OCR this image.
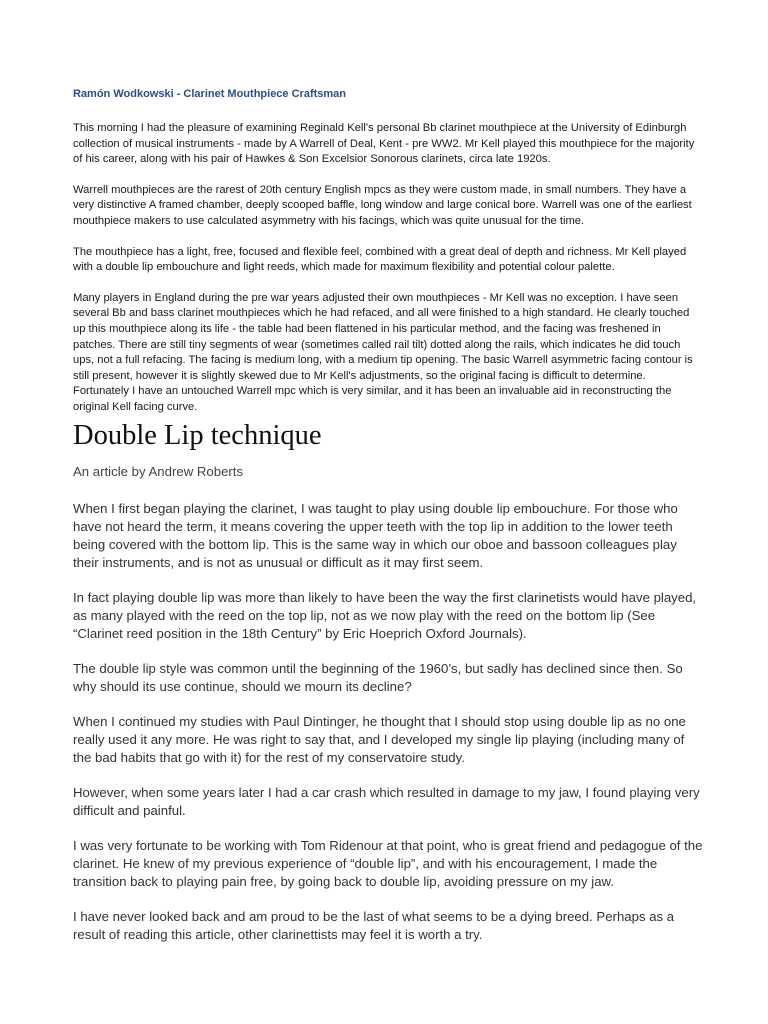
Ramón Wodkowski - Clarinet Mouthpiece Craftsman

This morning I had the pleasure of examining Reginald Kell's personal Bb clarinet mouthpiece at the University of Edinburgh collection of musical instruments - made by A Warrell of Deal, Kent - pre WW2. Mr Kell played this mouthpiece for the majority of his career, along with his pair of Hawkes & Son Excelsior Sonorous clarinets, circa late 1920s.

Warrell mouthpieces are the rarest of 20th century English mpcs as they were custom made, in small numbers. They have a very distinctive A framed chamber, deeply scooped baffle, long window and large conical bore. Warrell was one of the earliest mouthpiece makers to use calculated asymmetry with his facings, which was quite unusual for the time.

The mouthpiece has a light, free, focused and flexible feel, combined with a great deal of depth and richness. Mr Kell played with a double lip embouchure and light reeds, which made for maximum flexibility and potential colour palette.

Many players in England during the pre war years adjusted their own mouthpieces - Mr Kell was no exception. I have seen several Bb and bass clarinet mouthpieces which he had refaced, and all were finished to a high standard. He clearly touched up this mouthpiece along its life - the table had been flattened in his particular method, and the facing was freshened in patches. There are still tiny segments of wear (sometimes called rail tilt) dotted along the rails, which indicates he did touch ups, not a full refacing. The facing is medium long, with a medium tip opening. The basic Warrell asymmetric facing contour is still present, however it is slightly skewed due to Mr Kell's adjustments, so the original facing is difficult to determine. Fortunately I have an untouched Warrell mpc which is very similar, and it has been an invaluable aid in reconstructing the original Kell facing curve.

Double Lip technique

An article by Andrew Roberts

When I first began playing the clarinet, I was taught to play using double lip embouchure. For those who have not heard the term, it means covering the upper teeth with the top lip in addition to the lower teeth being covered with the bottom lip. This is the same way in which our oboe and bassoon colleagues play their instruments, and is not as unusual or difficult as it may first seem.

In fact playing double lip was more than likely to have been the way the first clarinetists would have played, as many played with the reed on the top lip, not as we now play with the reed on the bottom lip (See “Clarinet reed position in the 18th Century” by Eric Hoeprich Oxford Journals).

The double lip style was common until the beginning of the 1960’s, but sadly has declined since then. So why should its use continue, should we mourn its decline?

When I continued my studies with Paul Dintinger, he thought that I should stop using double lip as no one really used it any more. He was right to say that, and I developed my single lip playing (including many of the bad habits that go with it) for the rest of my conservatoire study.

However, when some years later I had a car crash which resulted in damage to my jaw, I found playing very difficult and painful.

I was very fortunate to be working with Tom Ridenour at that point, who is great friend and pedagogue of the clarinet. He knew of my previous experience of “double lip”, and with his encouragement, I made the transition back to playing pain free, by going back to double lip, avoiding pressure on my jaw.

I have never looked back and am proud to be the last of what seems to be a dying breed. Perhaps as a result of reading this article, other clarinettists may feel it is worth a try.
